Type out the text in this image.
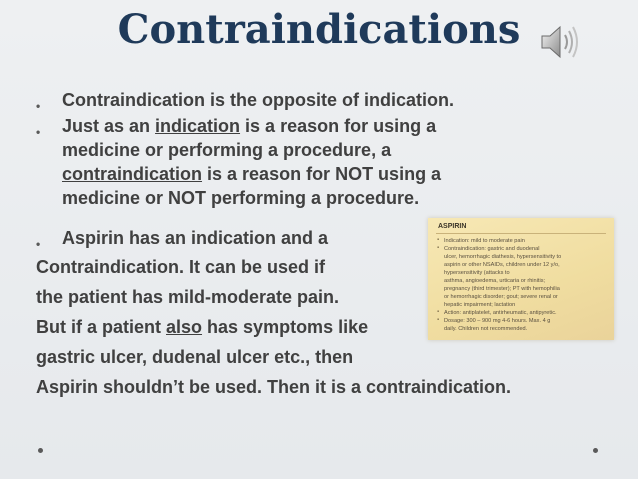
Contraindications
• Contraindication is the opposite of indication.
• Just as an indication is a reason for using a
medicine or performing a procedure, a
contraindication is a reason for NOT using a
medicine or NOT performing a procedure.
• Aspirin has an indication and a
Contraindication. It can be used if
the patient has mild-moderate pain.
But if a patient also has symptoms like
gastric ulcer, dudenal ulcer etc., then
Aspirin shouldn’t be used. Then it is a contraindication.
ASPIRIN
Indication: mild to moderate pain
▪
Contraindication: gastric and duodenal
▪
ulcer, hemorrhagic diathesis, hypersensitivity to
aspirin or other NSAIDs, children under 12 y/o,
hypersensitivity (attacks to
asthma, angioedema, urticaria or rhinitis;
pregnancy (third trimester); PT with hemophilia
or hemorrhagic disorder; gout; severe renal or
hepatic impairment; lactation
Action: antiplatelet, antirheumatic, antipyretic.
▪
Dosage: 300 – 900 mg 4-6 hours. Max. 4 g
▪
daily. Children not recommended.
